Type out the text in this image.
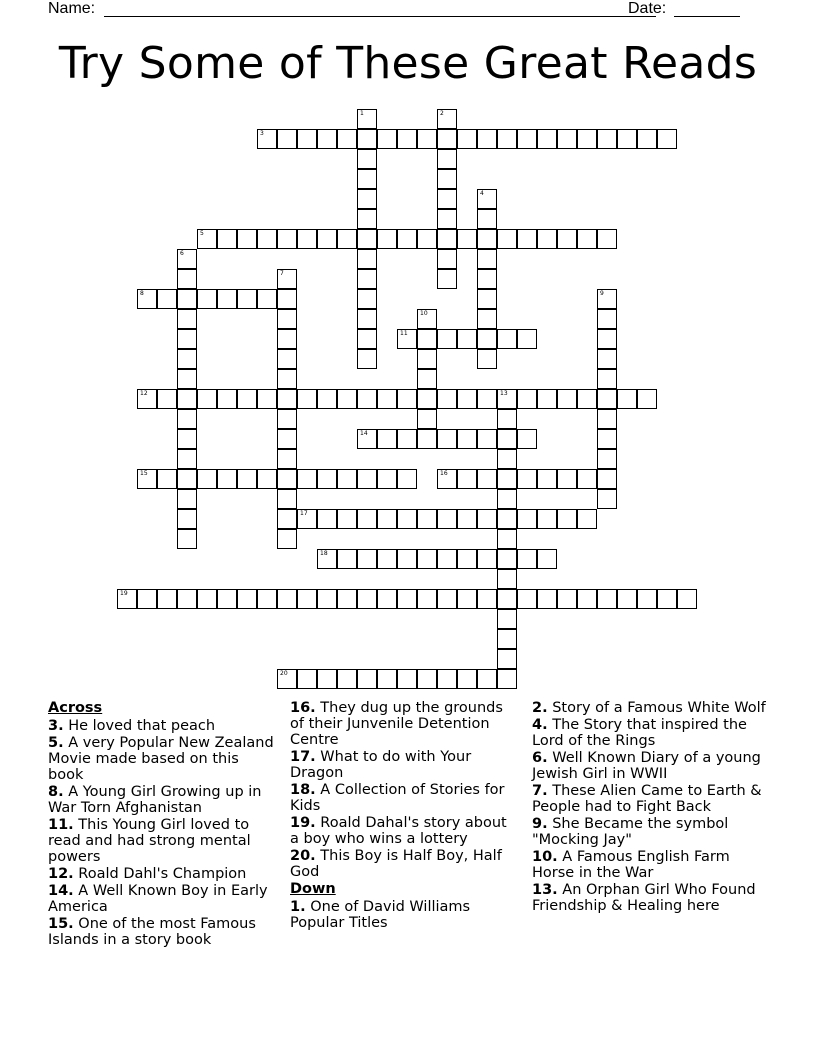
Name:	Date:
Try Some of These Great Reads
1	2
3
4
5
6
7
8	9
10
11
12	13
14
15	16
17
18
19
20
Across
3. He loved that peach
5. A very Popular New Zealand Movie made based on this book
8. A Young Girl Growing up in War Torn Afghanistan
11. This Young Girl loved to read and had strong mental powers
12. Roald Dahl's Champion
14. A Well Known Boy in Early America
15. One of the most Famous Islands in a story book
16. They dug up the grounds of their Junvenile Detention Centre
17. What to do with Your Dragon
18. A Collection of Stories for Kids
19. Roald Dahal's story about a boy who wins a lottery
20. This Boy is Half Boy, Half God
Down
1. One of David Williams Popular Titles
2. Story of a Famous White Wolf
4. The Story that inspired the Lord of the Rings
6. Well Known Diary of a young Jewish Girl in WWII
7. These Alien Came to Earth & People had to Fight Back
9. She Became the symbol "Mocking Jay"
10. A Famous English Farm Horse in the War
13. An Orphan Girl Who Found Friendship & Healing here
